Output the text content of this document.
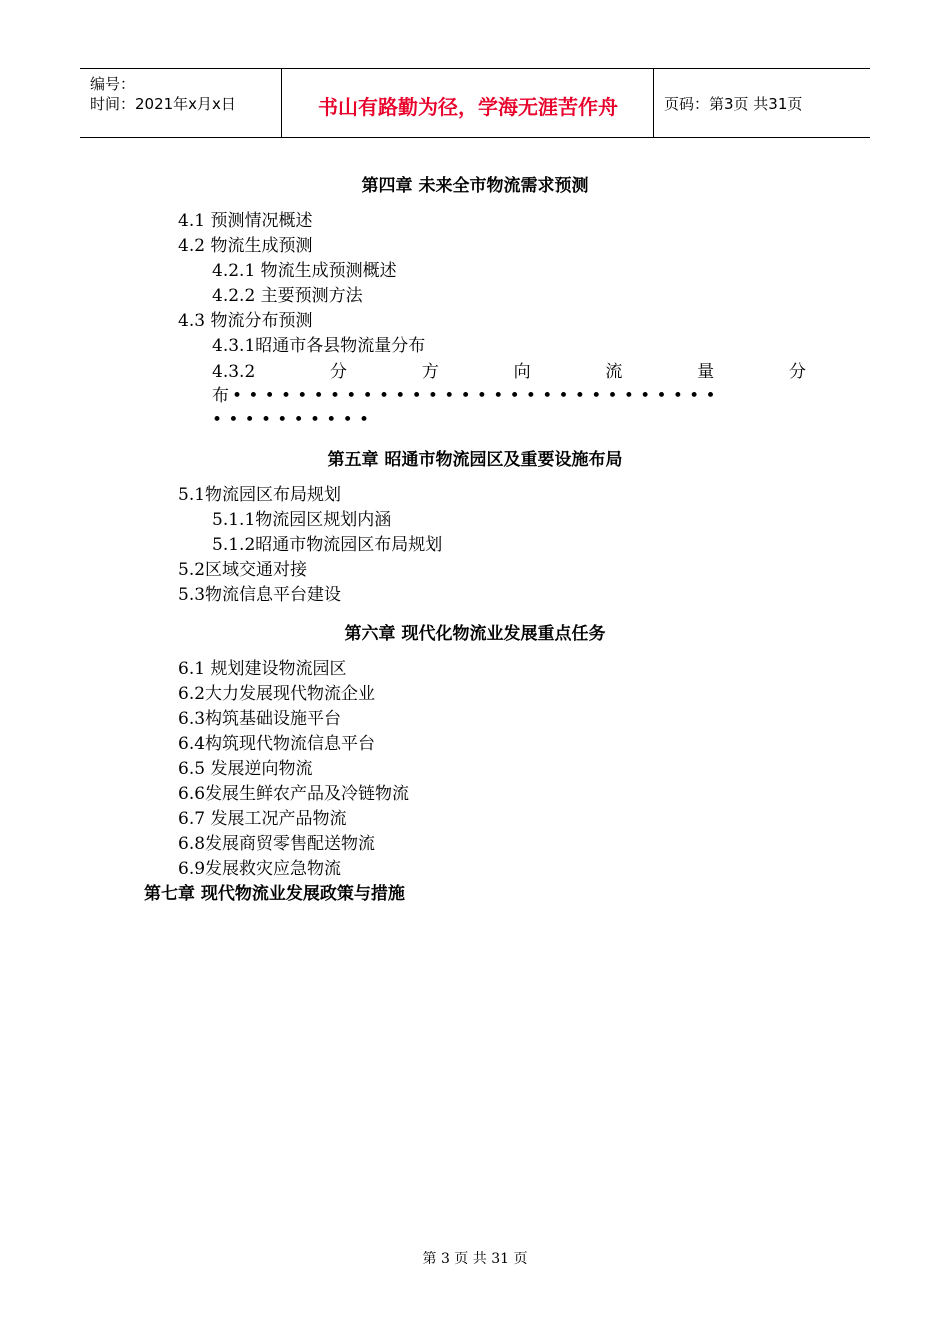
编号：
时间：2021年x月x日	书山有路勤为径，学海无涯苦作舟	页码：第3页 共31页
第四章 未来全市物流需求预测
4.1 预测情况概述
4.2 物流生成预测
4.2.1 物流生成预测概述
4.2.2 主要预测方法
4.3 物流分布预测
4.3.1昭通市各县物流量分布
4.3.2	分	方	向	流	量	分
布 ••••••••••••••••••••••••••••••
••••••••••
第五章 昭通市物流园区及重要设施布局
5.1物流园区布局规划
5.1.1物流园区规划内涵
5.1.2昭通市物流园区布局规划
5.2区域交通对接
5.3物流信息平台建设
第六章 现代化物流业发展重点任务
6.1 规划建设物流园区
6.2大力发展现代物流企业
6.3构筑基础设施平台
6.4构筑现代物流信息平台
6.5 发展逆向物流
6.6发展生鲜农产品及冷链物流
6.7 发展工况产品物流
6.8发展商贸零售配送物流
6.9发展救灾应急物流
第七章 现代物流业发展政策与措施
第 3 页 共 31 页
